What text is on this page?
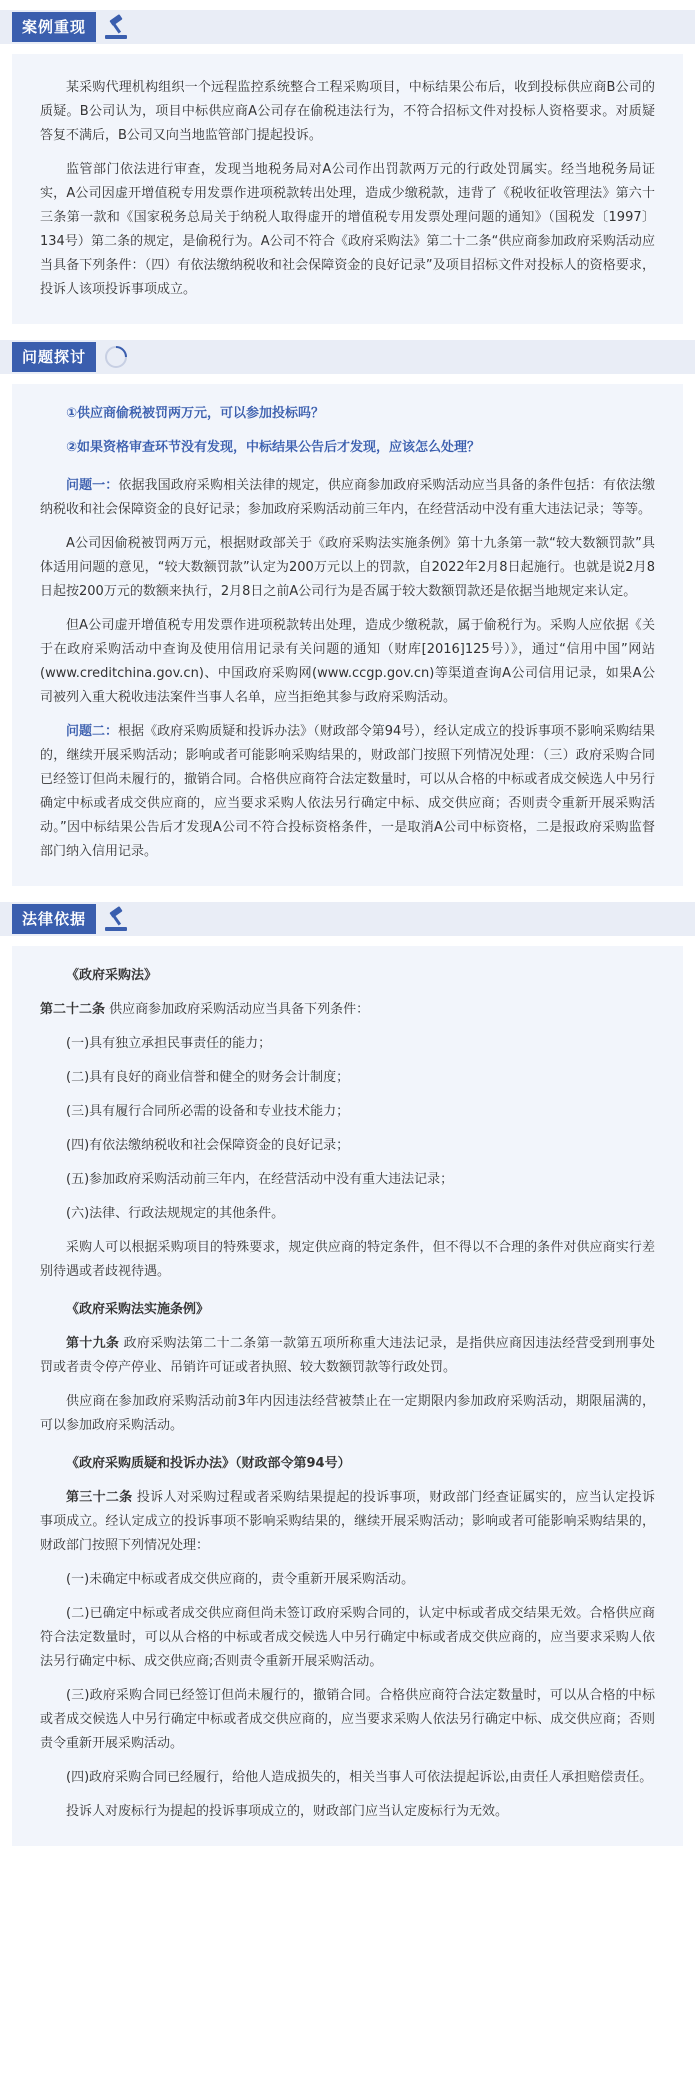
案例重现

某采购代理机构组织一个远程监控系统整合工程采购项目，中标结果公布后，收到投标供应商B公司的质疑。B公司认为，项目中标供应商A公司存在偷税违法行为，不符合招标文件对投标人资格要求。对质疑答复不满后，B公司又向当地监管部门提起投诉。

监管部门依法进行审查，发现当地税务局对A公司作出罚款两万元的行政处罚属实。经当地税务局证实，A公司因虚开增值税专用发票作进项税款转出处理，造成少缴税款，违背了《税收征收管理法》第六十三条第一款和《国家税务总局关于纳税人取得虚开的增值税专用发票处理问题的通知》（国税发〔1997〕134号）第二条的规定，是偷税行为。A公司不符合《政府采购法》第二十二条“供应商参加政府采购活动应当具备下列条件：（四）有依法缴纳税收和社会保障资金的良好记录”及项目招标文件对投标人的资格要求，投诉人该项投诉事项成立。

问题探讨

①供应商偷税被罚两万元，可以参加投标吗？

②如果资格审查环节没有发现，中标结果公告后才发现，应该怎么处理？

问题一：依据我国政府采购相关法律的规定，供应商参加政府采购活动应当具备的条件包括：有依法缴纳税收和社会保障资金的良好记录；参加政府采购活动前三年内，在经营活动中没有重大违法记录；等等。

A公司因偷税被罚两万元，根据财政部关于《政府采购法实施条例》第十九条第一款“较大数额罚款”具体适用问题的意见，“较大数额罚款”认定为200万元以上的罚款，自2022年2月8日起施行。也就是说2月8日起按200万元的数额来执行，2月8日之前A公司行为是否属于较大数额罚款还是依据当地规定来认定。

但A公司虚开增值税专用发票作进项税款转出处理，造成少缴税款，属于偷税行为。采购人应依据《关于在政府采购活动中查询及使用信用记录有关问题的通知（财库[2016]125号）》，通过“信用中国”网站(www.creditchina.gov.cn)、中国政府采购网(www.ccgp.gov.cn)等渠道查询A公司信用记录，如果A公司被列入重大税收违法案件当事人名单，应当拒绝其参与政府采购活动。

问题二：根据《政府采购质疑和投诉办法》（财政部令第94号），经认定成立的投诉事项不影响采购结果的，继续开展采购活动；影响或者可能影响采购结果的，财政部门按照下列情况处理：（三）政府采购合同已经签订但尚未履行的，撤销合同。合格供应商符合法定数量时，可以从合格的中标或者成交候选人中另行确定中标或者成交供应商的，应当要求采购人依法另行确定中标、成交供应商；否则责令重新开展采购活动。”因中标结果公告后才发现A公司不符合投标资格条件，一是取消A公司中标资格，二是报政府采购监督部门纳入信用记录。

法律依据

《政府采购法》

第二十二条 供应商参加政府采购活动应当具备下列条件：

(一)具有独立承担民事责任的能力；

(二)具有良好的商业信誉和健全的财务会计制度；

(三)具有履行合同所必需的设备和专业技术能力；

(四)有依法缴纳税收和社会保障资金的良好记录；

(五)参加政府采购活动前三年内，在经营活动中没有重大违法记录；

(六)法律、行政法规规定的其他条件。

采购人可以根据采购项目的特殊要求，规定供应商的特定条件，但不得以不合理的条件对供应商实行差别待遇或者歧视待遇。

《政府采购法实施条例》

第十九条 政府采购法第二十二条第一款第五项所称重大违法记录，是指供应商因违法经营受到刑事处罚或者责令停产停业、吊销许可证或者执照、较大数额罚款等行政处罚。

供应商在参加政府采购活动前3年内因违法经营被禁止在一定期限内参加政府采购活动，期限届满的，可以参加政府采购活动。

《政府采购质疑和投诉办法》（财政部令第94号）

第三十二条 投诉人对采购过程或者采购结果提起的投诉事项，财政部门经查证属实的，应当认定投诉事项成立。经认定成立的投诉事项不影响采购结果的，继续开展采购活动；影响或者可能影响采购结果的，财政部门按照下列情况处理：

(一)未确定中标或者成交供应商的，责令重新开展采购活动。

(二)已确定中标或者成交供应商但尚未签订政府采购合同的，认定中标或者成交结果无效。合格供应商符合法定数量时，可以从合格的中标或者成交候选人中另行确定中标或者成交供应商的，应当要求采购人依法另行确定中标、成交供应商;否则责令重新开展采购活动。

(三)政府采购合同已经签订但尚未履行的，撤销合同。合格供应商符合法定数量时，可以从合格的中标或者成交候选人中另行确定中标或者成交供应商的，应当要求采购人依法另行确定中标、成交供应商；否则责令重新开展采购活动。

(四)政府采购合同已经履行，给他人造成损失的，相关当事人可依法提起诉讼,由责任人承担赔偿责任。

投诉人对废标行为提起的投诉事项成立的，财政部门应当认定废标行为无效。
